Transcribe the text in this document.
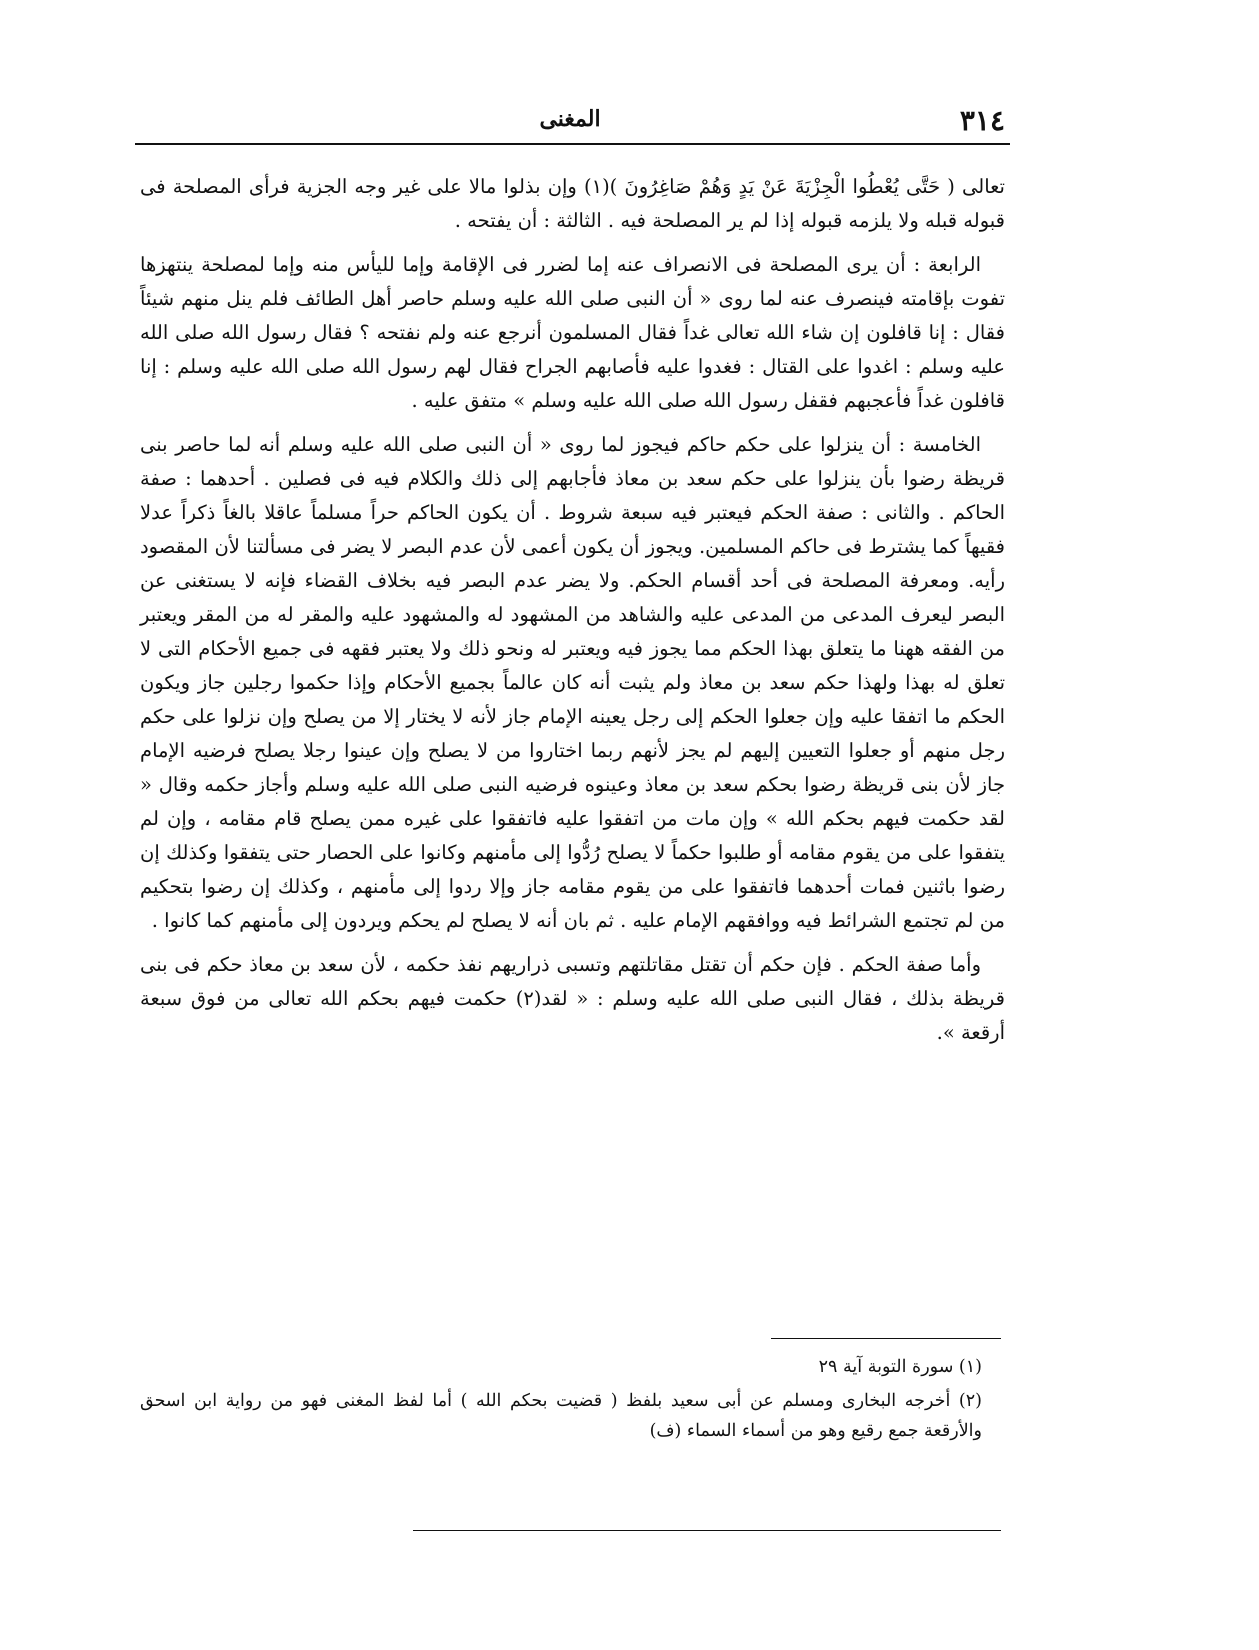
٣١٤
المغنى

تعالى ( حَتَّى يُعْطُوا الْجِزْيَةَ عَنْ يَدٍ وَهُمْ صَاغِرُونَ )(١) وإن بذلوا مالا على غير وجه الجزية فرأى المصلحة فى قبوله قبله ولا يلزمه قبوله إذا لم ير المصلحة فيه . الثالثة : أن يفتحه .

الرابعة : أن يرى المصلحة فى الانصراف عنه إما لضرر فى الإقامة وإما لليأس منه وإما لمصلحة ينتهزها تفوت بإقامته فينصرف عنه لما روى « أن النبى صلى الله عليه وسلم حاصر أهل الطائف فلم ينل منهم شيئاً فقال : إنا قافلون إن شاء الله تعالى غداً فقال المسلمون أنرجع عنه ولم نفتحه ؟ فقال رسول الله صلى الله عليه وسلم : اغدوا على القتال : فغدوا عليه فأصابهم الجراح فقال لهم رسول الله صلى الله عليه وسلم : إنا قافلون غداً فأعجبهم فقفل رسول الله صلى الله عليه وسلم » متفق عليه .

الخامسة : أن ينزلوا على حكم حاكم فيجوز لما روى « أن النبى صلى الله عليه وسلم أنه لما حاصر بنى قريظة رضوا بأن ينزلوا على حكم سعد بن معاذ فأجابهم إلى ذلك والكلام فيه فى فصلين . أحدهما : صفة الحاكم . والثانى : صفة الحكم فيعتبر فيه سبعة شروط . أن يكون الحاكم حراً مسلماً عاقلا بالغاً ذكراً عدلا فقيهاً كما يشترط فى حاكم المسلمين. ويجوز أن يكون أعمى لأن عدم البصر لا يضر فى مسألتنا لأن المقصود رأيه. ومعرفة المصلحة فى أحد أقسام الحكم. ولا يضر عدم البصر فيه بخلاف القضاء فإنه لا يستغنى عن البصر ليعرف المدعى من المدعى عليه والشاهد من المشهود له والمشهود عليه والمقر له من المقر ويعتبر من الفقه ههنا ما يتعلق بهذا الحكم مما يجوز فيه ويعتبر له ونحو ذلك ولا يعتبر فقهه فى جميع الأحكام التى لا تعلق له بهذا ولهذا حكم سعد بن معاذ ولم يثبت أنه كان عالماً بجميع الأحكام وإذا حكموا رجلين جاز ويكون الحكم ما اتفقا عليه وإن جعلوا الحكم إلى رجل يعينه الإمام جاز لأنه لا يختار إلا من يصلح وإن نزلوا على حكم رجل منهم أو جعلوا التعيين إليهم لم يجز لأنهم ربما اختاروا من لا يصلح وإن عينوا رجلا يصلح فرضيه الإمام جاز لأن بنى قريظة رضوا بحكم سعد بن معاذ وعينوه فرضيه النبى صلى الله عليه وسلم وأجاز حكمه وقال « لقد حكمت فيهم بحكم الله » وإن مات من اتفقوا عليه فاتفقوا على غيره ممن يصلح قام مقامه ، وإن لم يتفقوا على من يقوم مقامه أو طلبوا حكماً لا يصلح رُدُّوا إلى مأمنهم وكانوا على الحصار حتى يتفقوا وكذلك إن رضوا باثنين فمات أحدهما فاتفقوا على من يقوم مقامه جاز وإلا ردوا إلى مأمنهم ، وكذلك إن رضوا بتحكيم من لم تجتمع الشرائط فيه ووافقهم الإمام عليه . ثم بان أنه لا يصلح لم يحكم ويردون إلى مأمنهم كما كانوا .

وأما صفة الحكم . فإن حكم أن تقتل مقاتلتهم وتسبى ذراريهم نفذ حكمه ، لأن سعد بن معاذ حكم فى بنى قريظة بذلك ، فقال النبى صلى الله عليه وسلم : « لقد(٢) حكمت فيهم بحكم الله تعالى من فوق سبعة أرقعة ».

(١) سورة التوبة آية ٢٩

(٢) أخرجه البخارى ومسلم عن أبى سعيد بلفظ ( قضيت بحكم الله ) أما لفظ المغنى فهو من رواية ابن اسحق والأرقعة جمع رقيع وهو من أسماء السماء (ف)
